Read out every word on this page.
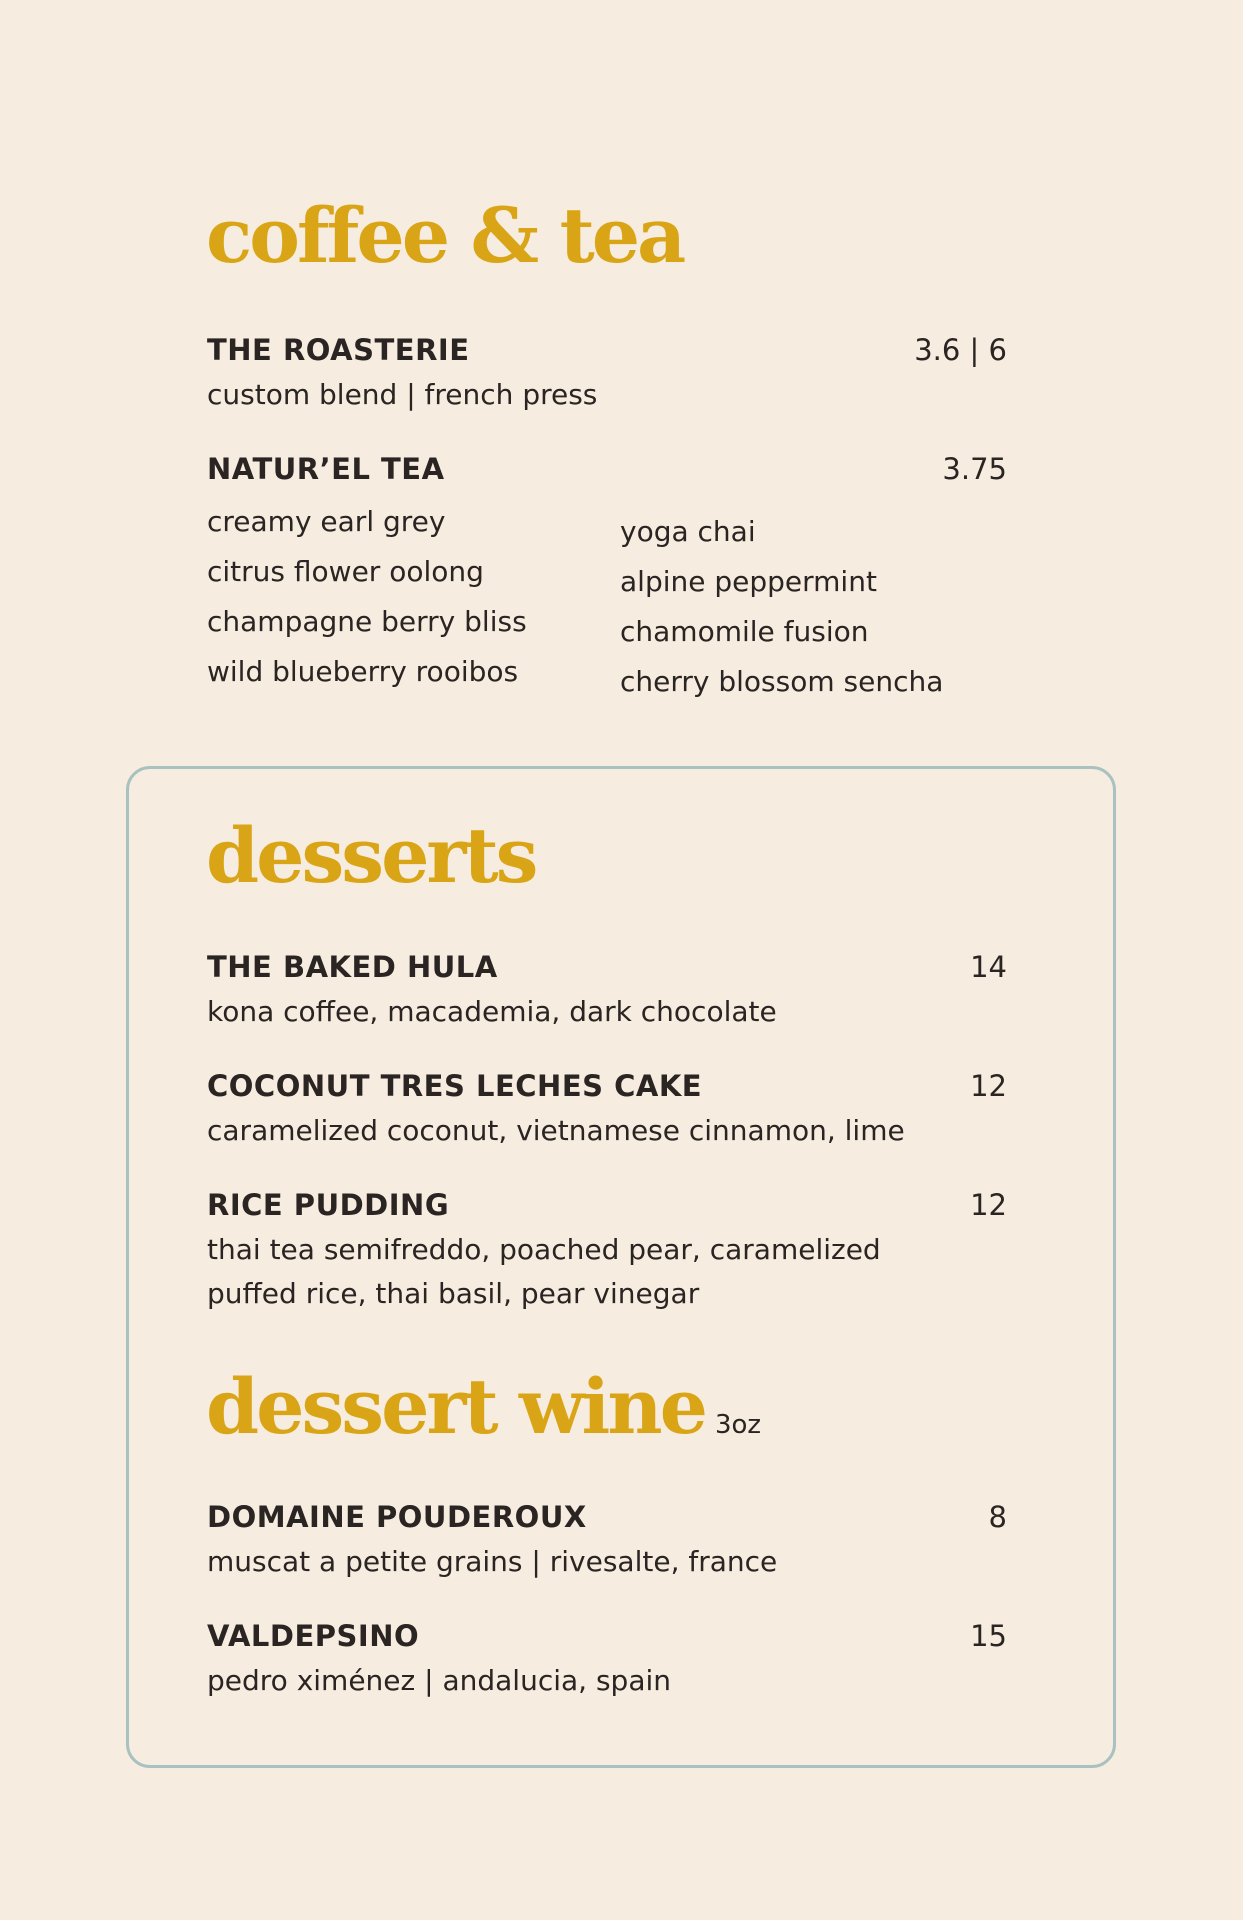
coffee & tea
THE ROASTERIE	3.6 | 6
custom blend | french press
NATUR’EL TEA	3.75
creamy earl grey
citrus flower oolong
champagne berry bliss
wild blueberry rooibos
yoga chai
alpine peppermint
chamomile fusion
cherry blossom sencha
desserts
THE BAKED HULA	14
kona coffee, macademia, dark chocolate
COCONUT TRES LECHES CAKE	12
caramelized coconut, vietnamese cinnamon, lime
RICE PUDDING	12
thai tea semifreddo, poached pear, caramelized
puffed rice, thai basil, pear vinegar
dessert wine 3oz
DOMAINE POUDEROUX	8
muscat a petite grains | rivesalte, france
VALDEPSINO	15
pedro ximénez | andalucia, spain
